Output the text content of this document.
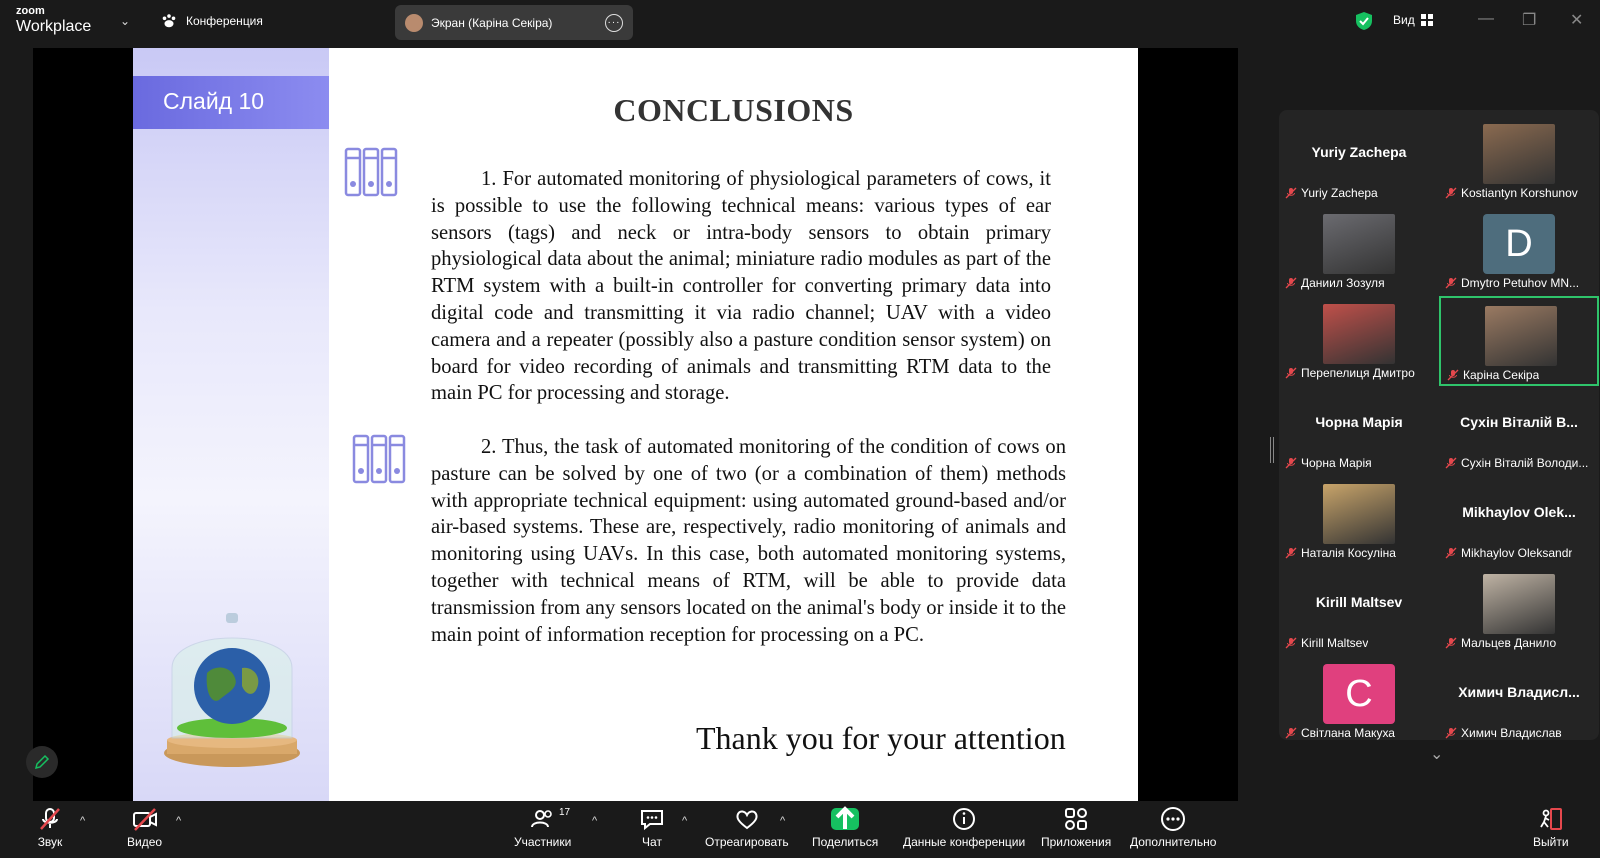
zoom
Workplace ⌄	Конференция	Экран (Каріна Секіра)	···	Вид	— ❐ ✕
Слайд 10	CONCLUSIONS
1. For automated monitoring of physiological parameters of cows, it is possible to use the following technical means: various types of ear sensors (tags) and neck or intra-body sensors to obtain primary physiological data about the animal; miniature radio modules as part of the RTM system with a built-in controller for converting primary data into digital code and transmitting it via radio channel; UAV with a video camera and a repeater (possibly also a pasture condition sensor system) on board for video recording of animals and transmitting RTM data to the main PC for processing and storage.
2. Thus, the task of automated monitoring of the condition of cows on pasture can be solved by one of two (or a combination of them) methods with appropriate technical equipment: using automated ground-based and/or air-based systems. These are, respectively, radio monitoring of animals and monitoring using UAVs. In this case, both automated monitoring systems, together with technical means of RTM, will be able to provide data transmission from any sensors located on the animal's body or inside it to the main point of information reception for processing on a PC.
Thank you for your attention
Yuriy Zachepa
Yuriy Zachepa	Kostiantyn Korshunov
Даниил Зозуля
D
Dmytro Petuhov MN...
Перепелиця Дмитро	Каріна Секіра
Чорна Марія
Чорна Марія
Сухін Віталій В...
Сухін Віталій Володи...
Наталія Косуліна
Mikhaylov Olek...
Mikhaylov Oleksandr
Kirill Maltsev
Kirill Maltsev	Мальцев Данило
C
Світлана Макуха
Химич Владисл...
Химич Владислав
⌄
Звук
^
Видео
^
17
Участники
^
Чат
^
Отреагировать
^
Поделиться Данные конференции Приложения Дополнительно	Выйти
